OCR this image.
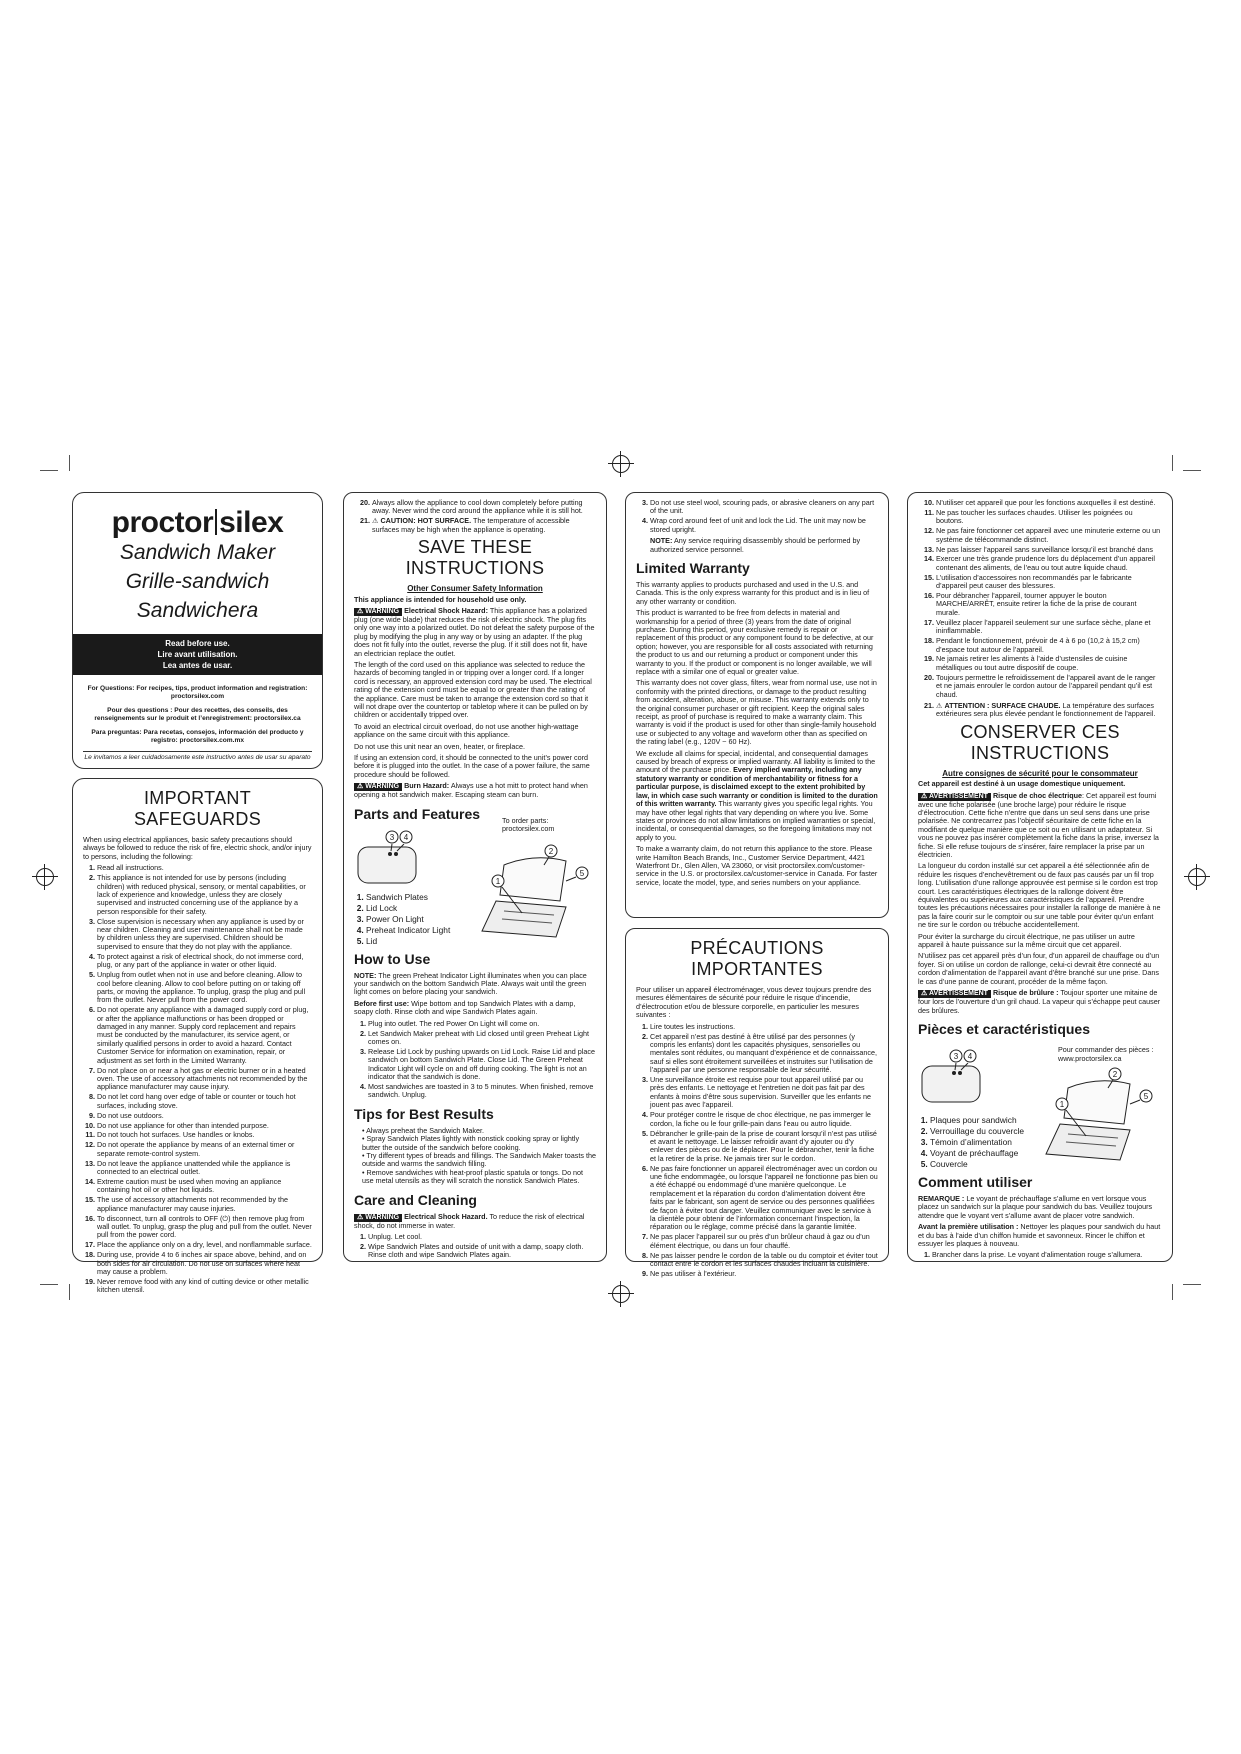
proctor silex
Sandwich Maker
Grille-sandwich
Sandwichera
Read before use.
Lire avant utilisation.
Lea antes de usar.
For Questions: For recipes, tips, product information and registration: proctorsilex.com
Pour des questions : Pour des recettes, des conseils, des renseignements sur le produit et l’enregistrement: proctorsilex.ca
Para preguntas: Para recetas, consejos, información del producto y registro: proctorsilex.com.mx
Le invitamos a leer cuidadosamente este instructivo antes de usar su aparato
IMPORTANT SAFEGUARDS

When using electrical appliances, basic safety precautions should always be followed to reduce the risk of fire, electric shock, and/or injury to persons, including the following:

1. Read all instructions.
2. This appliance is not intended for use by persons (including children) with reduced physical, sensory, or mental capabilities, or lack of experience and knowledge, unless they are closely supervised and instructed concerning use of the appliance by a person responsible for their safety.
3. Close supervision is necessary when any appliance is used by or near children. Cleaning and user maintenance shall not be made by children unless they are supervised. Children should be supervised to ensure that they do not play with the appliance.
4. To protect against a risk of electrical shock, do not immerse cord, plug, or any part of the appliance in water or other liquid.
5. Unplug from outlet when not in use and before cleaning. Allow to cool before cleaning. Allow to cool before putting on or taking off parts, or moving the appliance. To unplug, grasp the plug and pull from the outlet. Never pull from the power cord.
6. Do not operate any appliance with a damaged supply cord or plug, or after the appliance malfunctions or has been dropped or damaged in any manner. Supply cord replacement and repairs must be conducted by the manufacturer, its service agent, or similarly qualified persons in order to avoid a hazard. Contact Customer Service for information on examination, repair, or adjustment as set forth in the Limited Warranty.
7. Do not place on or near a hot gas or electric burner or in a heated oven. The use of accessory attachments not recommended by the appliance manufacturer may cause injury.
8. Do not let cord hang over edge of table or counter or touch hot surfaces, including stove.
9. Do not use outdoors.
10. Do not use appliance for other than intended purpose.
11. Do not touch hot surfaces. Use handles or knobs.
12. Do not operate the appliance by means of an external timer or separate remote-control system.
13. Do not leave the appliance unattended while the appliance is connected to an electrical outlet.
14. Extreme caution must be used when moving an appliance containing hot oil or other hot liquids.
15. The use of accessory attachments not recommended by the appliance manufacturer may cause injuries.
16. To disconnect, turn all controls to OFF (⏻) then remove plug from wall outlet. To unplug, grasp the plug and pull from the outlet. Never pull from the power cord.
17. Place the appliance only on a dry, level, and nonflammable surface.
18. During use, provide 4 to 6 inches air space above, behind, and on both sides for air circulation. Do not use on surfaces where heat may cause a problem.
19. Never remove food with any kind of cutting device or other metallic kitchen utensil.
20. Always allow the appliance to cool down completely before putting away. Never wind the cord around the appliance while it is still hot.
21. ⚠ CAUTION: HOT SURFACE. The temperature of accessible surfaces may be high when the appliance is operating.
SAVE THESE INSTRUCTIONS
Other Consumer Safety Information

This appliance is intended for household use only.

⚠ WARNING Electrical Shock Hazard: This appliance has a polarized plug (one wide blade) that reduces the risk of electric shock. The plug fits only one way into a polarized outlet. Do not defeat the safety purpose of the plug by modifying the plug in any way or by using an adapter. If the plug does not fit fully into the outlet, reverse the plug. If it still does not fit, have an electrician replace the outlet.

The length of the cord used on this appliance was selected to reduce the hazards of becoming tangled in or tripping over a longer cord. If a longer cord is necessary, an approved extension cord may be used. The electrical rating of the extension cord must be equal to or greater than the rating of the appliance. Care must be taken to arrange the extension cord so that it will not drape over the countertop or tabletop where it can be pulled on by children or accidentally tripped over.

To avoid an electrical circuit overload, do not use another high-wattage appliance on the same circuit with this appliance.

Do not use this unit near an oven, heater, or fireplace.

If using an extension cord, it should be connected to the unit’s power cord before it is plugged into the outlet. In the case of a power failure, the same procedure should be followed.

⚠ WARNING Burn Hazard: Always use a hot mitt to protect hand when opening a hot sandwich maker. Escaping steam can burn.

Parts and Features
3 4
2
5
1
To order parts:
proctorsilex.com
1. Sandwich Plates
2. Lid Lock
3. Power On Light
4. Preheat Indicator Light
5. Lid
How to Use

NOTE: The green Preheat Indicator Light illuminates when you can place your sandwich on the bottom Sandwich Plate. Always wait until the green light comes on before placing your sandwich.

Before first use: Wipe bottom and top Sandwich Plates with a damp, soapy cloth. Rinse cloth and wipe Sandwich Plates again.

1. Plug into outlet. The red Power On Light will come on.
2. Let Sandwich Maker preheat with Lid closed until green Preheat Light comes on.
3. Release Lid Lock by pushing upwards on Lid Lock. Raise Lid and place sandwich on bottom Sandwich Plate. Close Lid. The Green Preheat Indicator Light will cycle on and off during cooking. The light is not an indicator that the sandwich is done.
4. Most sandwiches are toasted in 3 to 5 minutes. When finished, remove sandwich. Unplug.
Tips for Best Results
• Always preheat the Sandwich Maker.
• Spray Sandwich Plates lightly with nonstick cooking spray or lightly butter the outside of the sandwich before cooking.
• Try different types of breads and fillings. The Sandwich Maker toasts the outside and warms the sandwich filling.
• Remove sandwiches with heat-proof plastic spatula or tongs. Do not use metal utensils as they will scratch the nonstick Sandwich Plates.
Care and Cleaning

⚠ WARNING Electrical Shock Hazard. To reduce the risk of electrical shock, do not immerse in water.

1. Unplug. Let cool.
2. Wipe Sandwich Plates and outside of unit with a damp, soapy cloth. Rinse cloth and wipe Sandwich Plates again.
3. Do not use steel wool, scouring pads, or abrasive cleaners on any part of the unit.
4. Wrap cord around feet of unit and lock the Lid. The unit may now be stored upright.

NOTE: Any service requiring disassembly should be performed by authorized service personnel.

Limited Warranty

This warranty applies to products purchased and used in the U.S. and Canada. This is the only express warranty for this product and is in lieu of any other warranty or condition.

This product is warranted to be free from defects in material and workmanship for a period of three (3) years from the date of original purchase. During this period, your exclusive remedy is repair or replacement of this product or any component found to be defective, at our option; however, you are responsible for all costs associated with returning the product to us and our returning a product or component under this warranty to you. If the product or component is no longer available, we will replace with a similar one of equal or greater value.

This warranty does not cover glass, filters, wear from normal use, use not in conformity with the printed directions, or damage to the product resulting from accident, alteration, abuse, or misuse. This warranty extends only to the original consumer purchaser or gift recipient. Keep the original sales receipt, as proof of purchase is required to make a warranty claim. This warranty is void if the product is used for other than single-family household use or subjected to any voltage and waveform other than as specified on the rating label (e.g., 120V ~ 60 Hz).

We exclude all claims for special, incidental, and consequential damages caused by breach of express or implied warranty. All liability is limited to the amount of the purchase price. Every implied warranty, including any statutory warranty or condition of merchantability or fitness for a particular purpose, is disclaimed except to the extent prohibited by law, in which case such warranty or condition is limited to the duration of this written warranty. This warranty gives you specific legal rights. You may have other legal rights that vary depending on where you live. Some states or provinces do not allow limitations on implied warranties or special, incidental, or consequential damages, so the foregoing limitations may not apply to you.

To make a warranty claim, do not return this appliance to the store. Please write Hamilton Beach Brands, Inc., Customer Service Department, 4421 Waterfront Dr., Glen Allen, VA 23060, or visit proctorsilex.com/customer-service in the U.S. or proctorsilex.ca/customer-service in Canada. For faster service, locate the model, type, and series numbers on your appliance.

PRÉCAUTIONS IMPORTANTES

Pour utiliser un appareil électroménager, vous devez toujours prendre des mesures élémentaires de sécurité pour réduire le risque d’incendie, d’électrocution et/ou de blessure corporelle, en particulier les mesures suivantes :

1. Lire toutes les instructions.
2. Cet appareil n’est pas destiné à être utilisé par des personnes (y compris les enfants) dont les capacités physiques, sensorielles ou mentales sont réduites, ou manquant d’expérience et de connaissance, sauf si elles sont étroitement surveillées et instruites sur l’utilisation de l’appareil par une personne responsable de leur sécurité.
3. Une surveillance étroite est requise pour tout appareil utilisé par ou près des enfants. Le nettoyage et l’entretien ne doit pas fait par des enfants à moins d’être sous supervision. Surveiller que les enfants ne jouent pas avec l’appareil.
4. Pour protéger contre le risque de choc électrique, ne pas immerger le cordon, la fiche ou le four grille-pain dans l’eau ou autro liquide.
5. Débrancher le grille-pain de la prise de courant lorsqu’il n’est pas utilisé et avant le nettoyage. Le laisser refroidir avant d’y ajouter ou d’y enlever des pièces ou de le déplacer. Pour le débrancher, tenir la fiche et la retirer de la prise. Ne jamais tirer sur le cordon.
6. Ne pas faire fonctionner un appareil électroménager avec un cordon ou une fiche endommagée, ou lorsque l’appareil ne fonctionne pas bien ou a été échappé ou endommagé d’une manière quelconque. Le remplacement et la réparation du cordon d’alimentation doivent être faits par le fabricant, son agent de service ou des personnes qualifiées de façon à éviter tout danger. Veuillez communiquer avec le service à la clientèle pour obtenir de l’information concernant l’inspection, la réparation ou le réglage, comme précisé dans la garantie limitée.
7. Ne pas placer l’appareil sur ou près d’un brûleur chaud à gaz ou d’un élément électrique, ou dans un four chauffé.
8. Ne pas laisser pendre le cordon de la table ou du comptoir et éviter tout contact entre le cordon et les surfaces chaudes incluant la cuisinière.
9. Ne pas utiliser à l’extérieur.
10. N’utiliser cet appareil que pour les fonctions auxquelles il est destiné.
11. Ne pas toucher les surfaces chaudes. Utiliser les poignées ou boutons.
12. Ne pas faire fonctionner cet appareil avec une minuterie externe ou un système de télécommande distinct.
13. Ne pas laisser l’appareil sans surveillance lorsqu’il est branché dans
14. Exercer une très grande prudence lors du déplacement d’un appareil contenant des aliments, de l’eau ou tout autre liquide chaud.
15. L’utilisation d’accessoires non recommandés par le fabricante d’appareil peut causer des blessures.
16. Pour débrancher l’appareil, tourner appuyer le bouton MARCHE/ARRÊT, ensuite retirer la fiche de la prise de courant murale.
17. Veuillez placer l’appareil seulement sur une surface sèche, plane et ininflammable.
18. Pendant le fonctionnement, prévoir de 4 à 6 po (10,2 à 15,2 cm) d’espace tout autour de l’appareil.
19. Ne jamais retirer les aliments à l’aide d’ustensiles de cuisine métalliques ou tout autre dispositif de coupe.
20. Toujours permettre le refroidissement de l’appareil avant de le ranger et ne jamais enrouler le cordon autour de l’appareil pendant qu’il est chaud.
21. ⚠ ATTENTION : SURFACE CHAUDE. La température des surfaces extérieures sera plus élevée pendant le fonctionnement de l’appareil.
CONSERVER CES INSTRUCTIONS
Autre consignes de sécurité pour le consommateur

Cet appareil est destiné à un usage domestique uniquement.

⚠ AVERTISSEMENT Risque de choc électrique: Cet appareil est fourni avec une fiche polarisée (une broche large) pour réduire le risque d’électrocution. Cette fiche n’entre que dans un seul sens dans une prise polarisée. Ne contrecarrez pas l’objectif sécuritaire de cette fiche en la modifiant de quelque manière que ce soit ou en utilisant un adaptateur. Si vous ne pouvez pas insérer complètement la fiche dans la prise, inversez la fiche. Si elle refuse toujours de s’insérer, faire remplacer la prise par un électricien.

La longueur du cordon installé sur cet appareil a été sélectionnée afin de réduire les risques d’enchevêtrement ou de faux pas causés par un fil trop long. L’utilisation d’une rallonge approuvée est permise si le cordon est trop court. Les caractéristiques électriques de la rallonge doivent être équivalentes ou supérieures aux caractéristiques de l’appareil. Prendre toutes les précautions nécessaires pour installer la rallonge de manière à ne pas la faire courir sur le comptoir ou sur une table pour éviter qu’un enfant ne tire sur le cordon ou trébuche accidentellement.

Pour éviter la surcharge du circuit électrique, ne pas utiliser un autre appareil à haute puissance sur la même circuit que cet appareil.

N’utilisez pas cet appareil près d’un four, d’un appareil de chauffage ou d’un foyer. Si on utilise un cordon de rallonge, celui-ci devrait être connecté au cordon d’alimentation de l’appareil avant d’être branché sur une prise. Dans le cas d’une panne de courant, procéder de la même façon.

⚠ AVERTISSEMENT Risque de brûlure : Toujour sporter une mitaine de four lors de l’ouverture d’un gril chaud. La vapeur qui s’échappe peut causer des brûlures.

Pièces et caractéristiques
3 4
2
5
1
Pour commander des pièces :
www.proctorsilex.ca
1. Plaques pour sandwich
2. Verrouillage du couvercle
3. Témoin d’alimentation
4. Voyant de préchauffage
5. Couvercle
Comment utiliser

REMARQUE : Le voyant de préchauffage s’allume en vert lorsque vous placez un sandwich sur la plaque pour sandwich du bas. Veuillez toujours attendre que le voyant vert s’allume avant de placer votre sandwich.

Avant la première utilisation : Nettoyer les plaques pour sandwich du haut et du bas à l’aide d’un chiffon humide et savonneux. Rincer le chiffon et essuyer les plaques à nouveau.

1. Brancher dans la prise. Le voyant d’alimentation rouge s’allumera.
